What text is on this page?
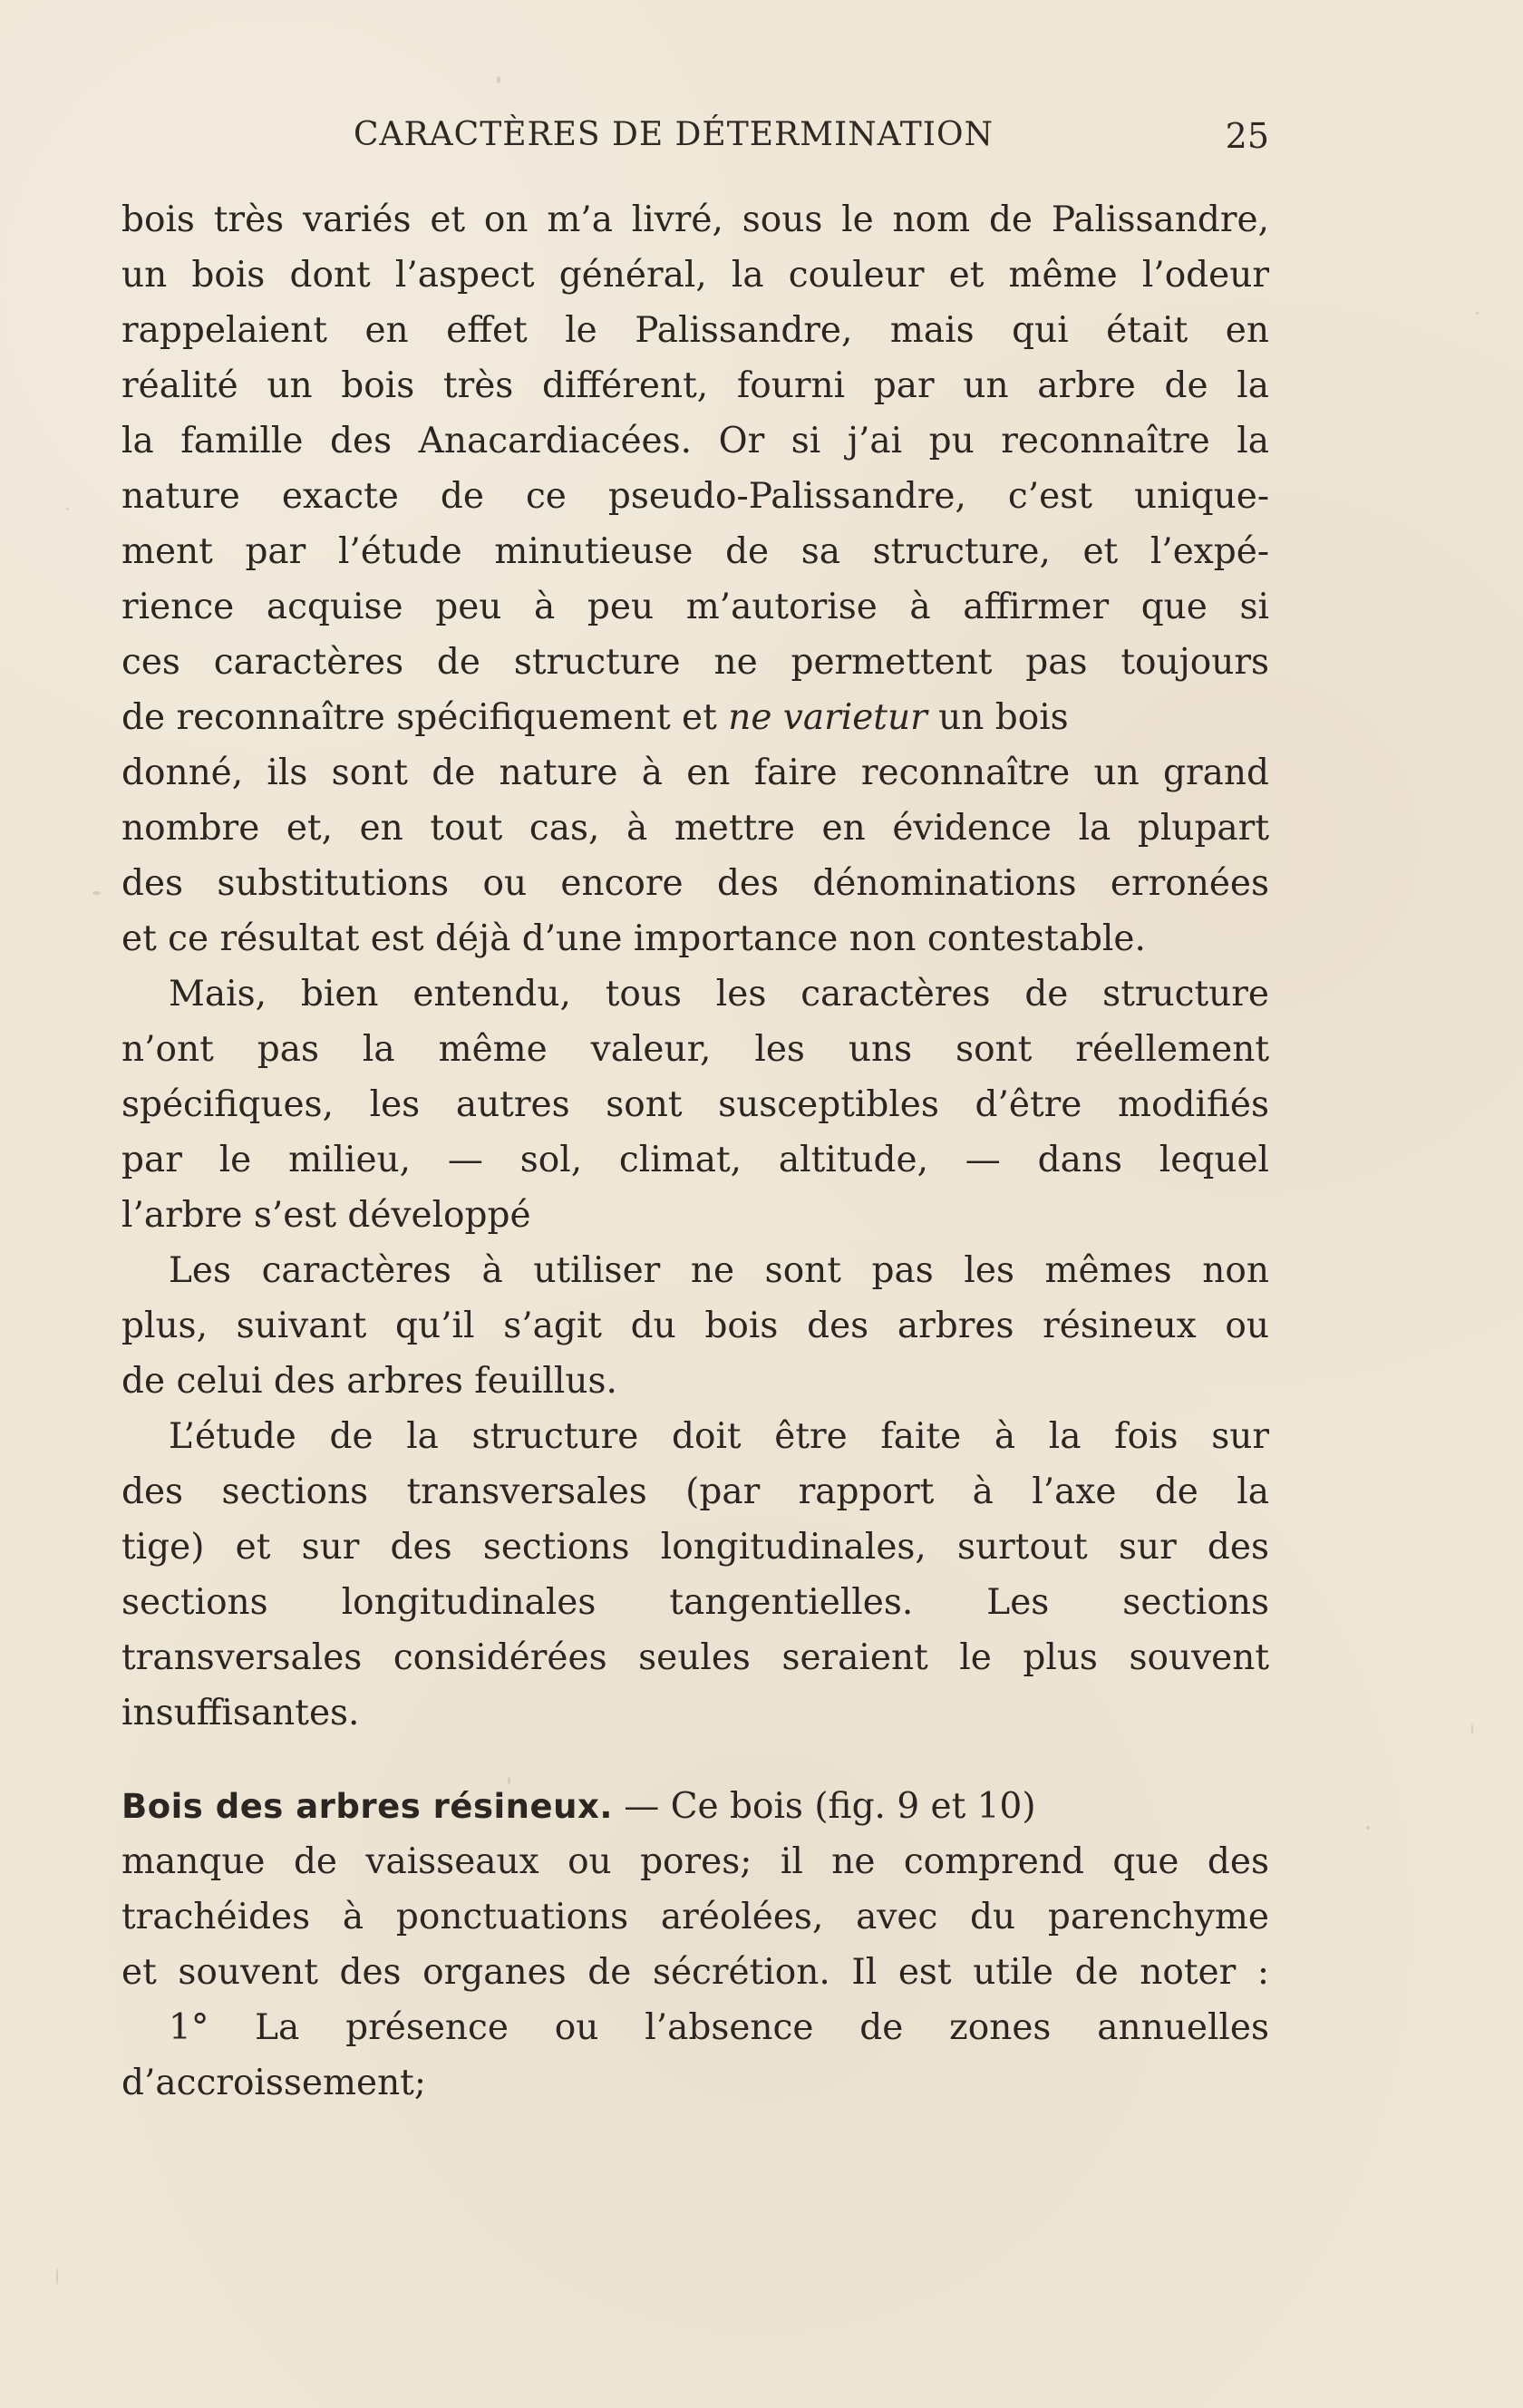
CARACTÈRES DE DÉTERMINATION	25
bois très variés et on m’a livré, sous le nom de Palissandre,
un bois dont l’aspect général, la couleur et même l’odeur
rappelaient en effet le Palissandre, mais qui était en
réalité un bois très différent, fourni par un arbre de la
la famille des Anacardiacées. Or si j’ai pu reconnaître la
nature exacte de ce pseudo-Palissandre, c’est unique-
ment par l’étude minutieuse de sa structure, et l’expé-
rience acquise peu à peu m’autorise à affirmer que si
ces caractères de structure ne permettent pas toujours
de reconnaître spécifiquement et ne varietur un bois
donné, ils sont de nature à en faire reconnaître un grand
nombre et, en tout cas, à mettre en évidence la plupart
des substitutions ou encore des dénominations erronées
et ce résultat est déjà d’une importance non contestable.
Mais, bien entendu, tous les caractères de structure
n’ont pas la même valeur, les uns sont réellement
spécifiques, les autres sont susceptibles d’être modifiés
par le milieu, — sol, climat, altitude, — dans lequel
l’arbre s’est développé
Les caractères à utiliser ne sont pas les mêmes non
plus, suivant qu’il s’agit du bois des arbres résineux ou
de celui des arbres feuillus.
L’étude de la structure doit être faite à la fois sur
des sections transversales (par rapport à l’axe de la
tige) et sur des sections longitudinales, surtout sur des
sections longitudinales tangentielles. Les sections
transversales considérées seules seraient le plus souvent
insuffisantes.
Bois des arbres résineux. — Ce bois (fig. 9 et 10)
manque de vaisseaux ou pores; il ne comprend que des
trachéides à ponctuations aréolées, avec du parenchyme
et souvent des organes de sécrétion. Il est utile de noter :
1° La présence ou l’absence de zones annuelles
d’accroissement;
